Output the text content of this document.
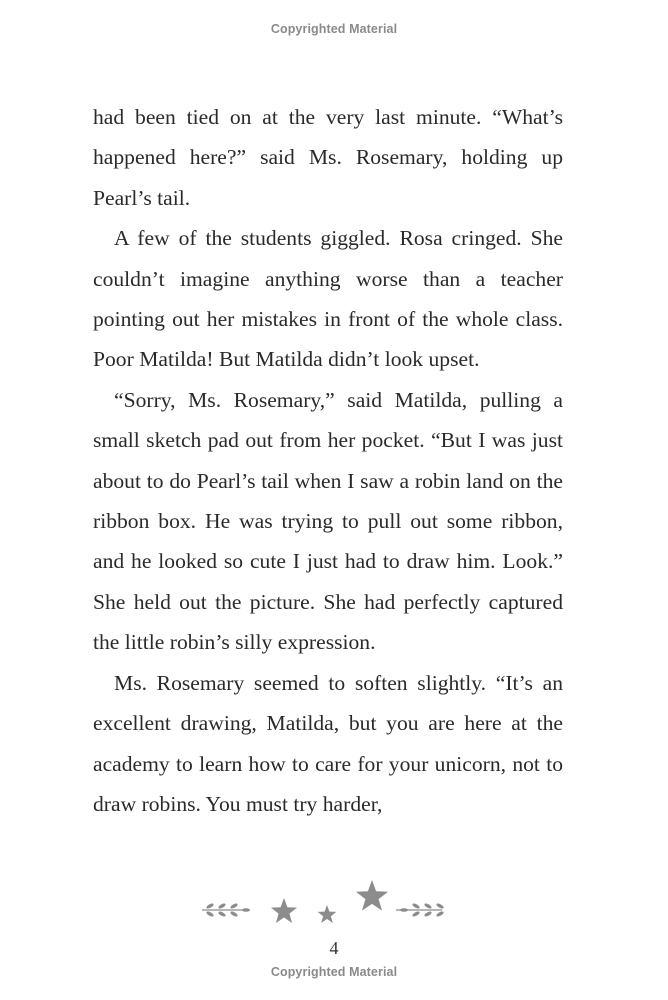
Copyrighted Material

had been tied on at the very last minute. “What’s happened here?” said Ms. Rosemary, holding up Pearl’s tail.

A few of the students giggled. Rosa cringed. She couldn’t imagine anything worse than a teacher pointing out her mistakes in front of the whole class. Poor Matilda! But Matilda didn’t look upset.

“Sorry, Ms. Rosemary,” said Matilda, pulling a small sketch pad out from her pocket. “But I was just about to do Pearl’s tail when I saw a robin land on the ribbon box. He was trying to pull out some ribbon, and he looked so cute I just had to draw him. Look.” She held out the picture. She had perfectly captured the little robin’s silly expression.

Ms. Rosemary seemed to soften slightly. “It’s an excellent drawing, Matilda, but you are here at the academy to learn how to care for your unicorn, not to draw robins. You must try harder,

4
Copyrighted Material
